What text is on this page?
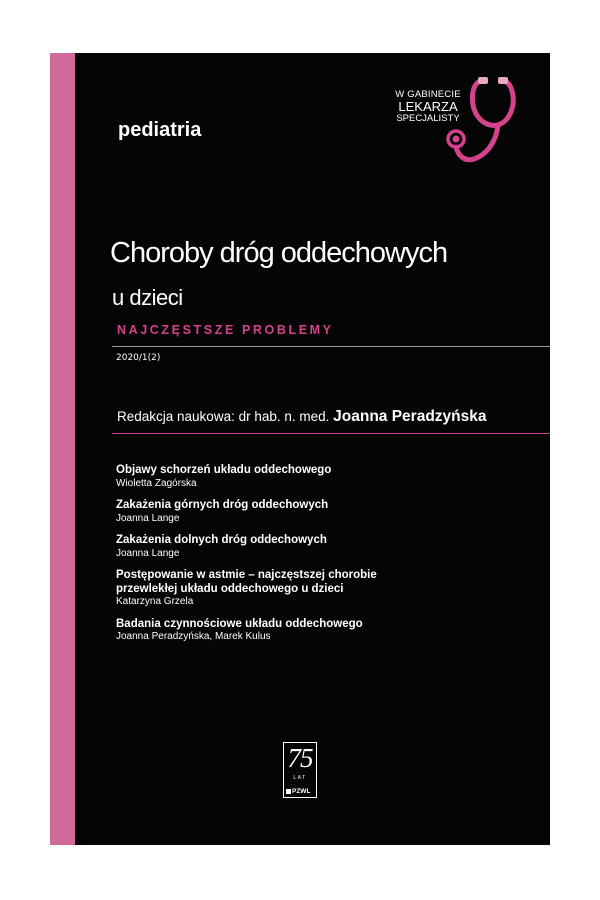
W GABINECIE
LEKARZA
SPECJALISTY
pediatria
Choroby dróg oddechowych
u dzieci
NAJCZĘSTSZE PROBLEMY
2020/1(2)
Redakcja naukowa: dr hab. n. med. Joanna Peradzyńska

Objawy schorzeń układu oddechowego

Wioletta Zagórska

Zakażenia górnych dróg oddechowych

Joanna Lange

Zakażenia dolnych dróg oddechowych

Joanna Lange

Postępowanie w astmie – najczęstszej chorobie przewlekłej układu oddechowego u dzieci

Katarzyna Grzela

Badania czynnościowe układu oddechowego

Joanna Peradzyńska, Marek Kulus

75
LAT
PZWL
